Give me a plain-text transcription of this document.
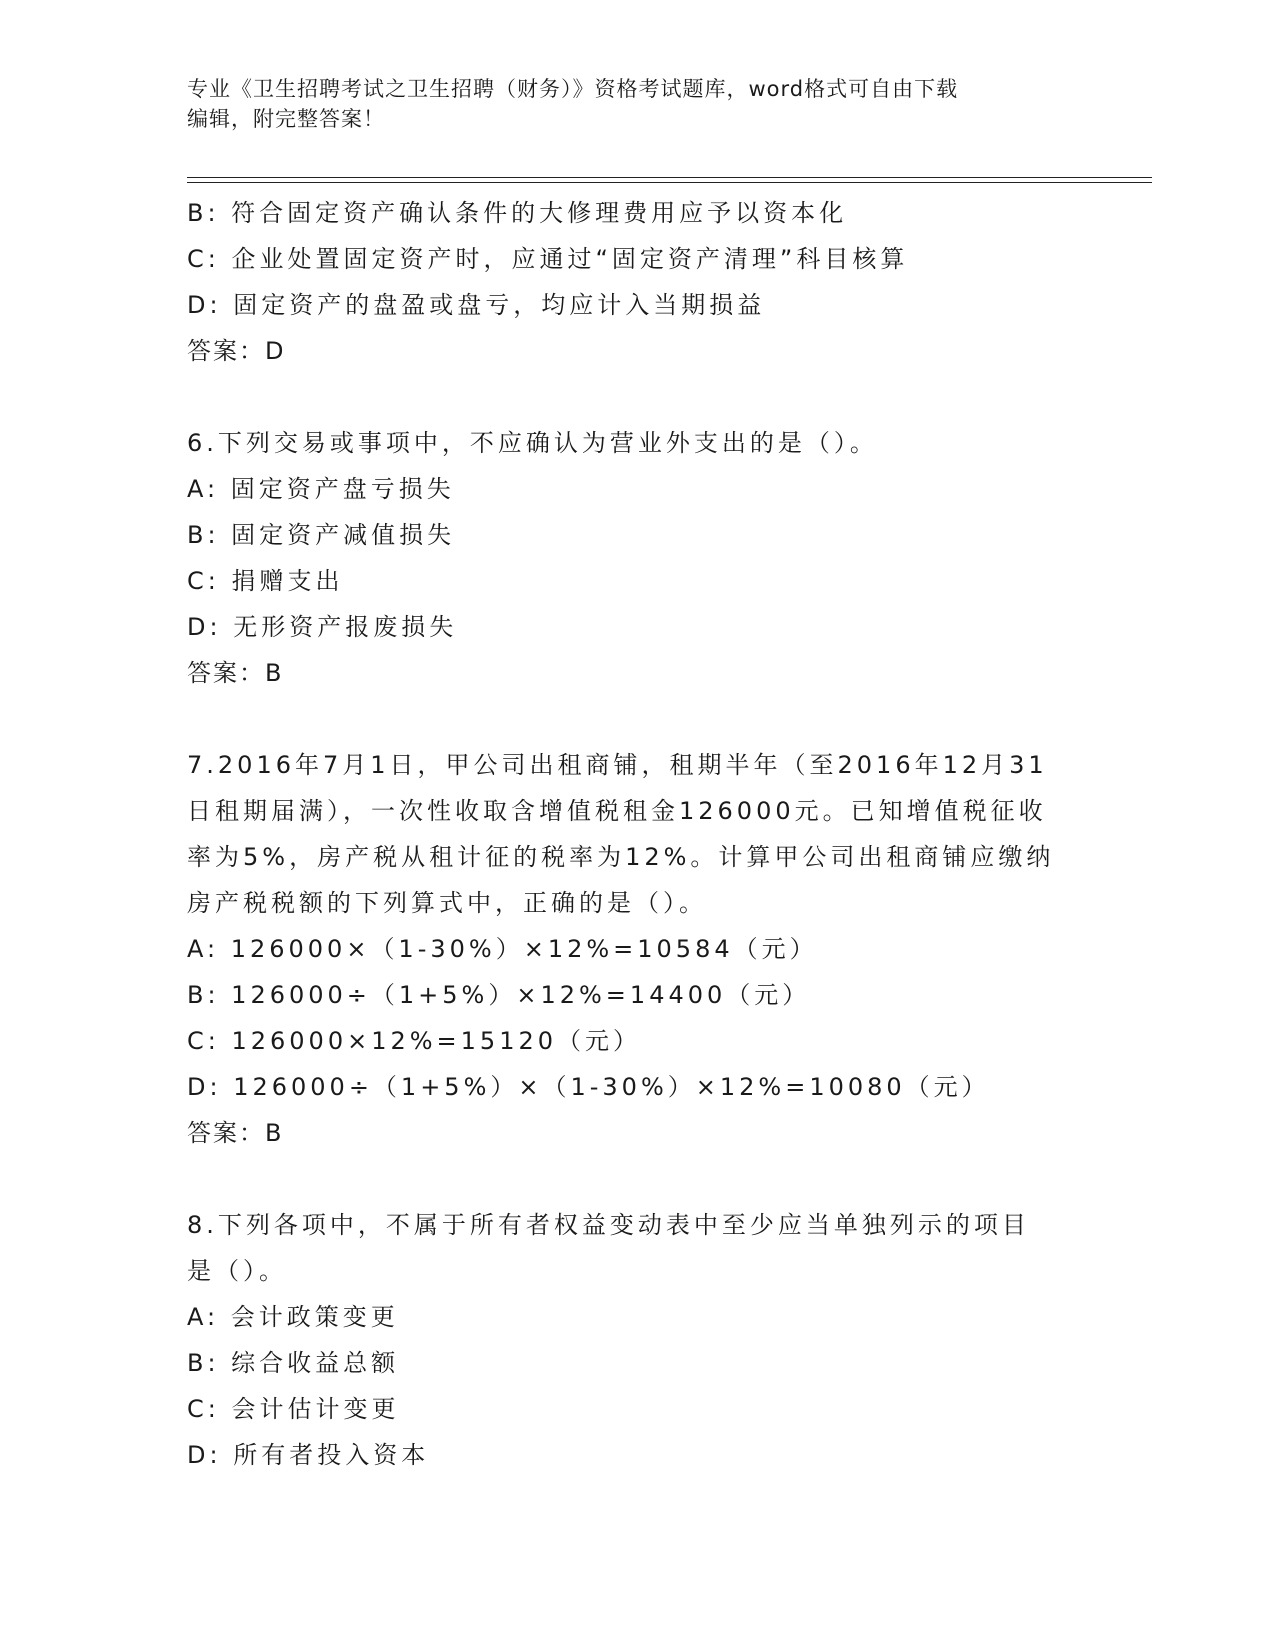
专业《卫生招聘考试之卫生招聘（财务）》资格考试题库，word格式可自由下载
编辑，附完整答案！
B: 符合固定资产确认条件的大修理费用应予以资本化
C: 企业处置固定资产时，应通过“固定资产清理”科目核算
D: 固定资产的盘盈或盘亏，均应计入当期损益
答案：D
6.下列交易或事项中，不应确认为营业外支出的是（）。
A: 固定资产盘亏损失
B: 固定资产减值损失
C: 捐赠支出
D: 无形资产报废损失
答案：B
7.2016年7月1日，甲公司出租商铺，租期半年（至2016年12月31
日租期届满），一次性收取含增值税租金126000元。已知增值税征收
率为5%，房产税从租计征的税率为12%。计算甲公司出租商铺应缴纳
房产税税额的下列算式中，正确的是（）。
A: 126000×（1-30%）×12%=10584（元）
B: 126000÷（1+5%）×12%=14400（元）
C: 126000×12%=15120（元）
D: 126000÷（1+5%）×（1-30%）×12%=10080（元）
答案：B
8.下列各项中，不属于所有者权益变动表中至少应当单独列示的项目
是（）。
A: 会计政策变更
B: 综合收益总额
C: 会计估计变更
D: 所有者投入资本
